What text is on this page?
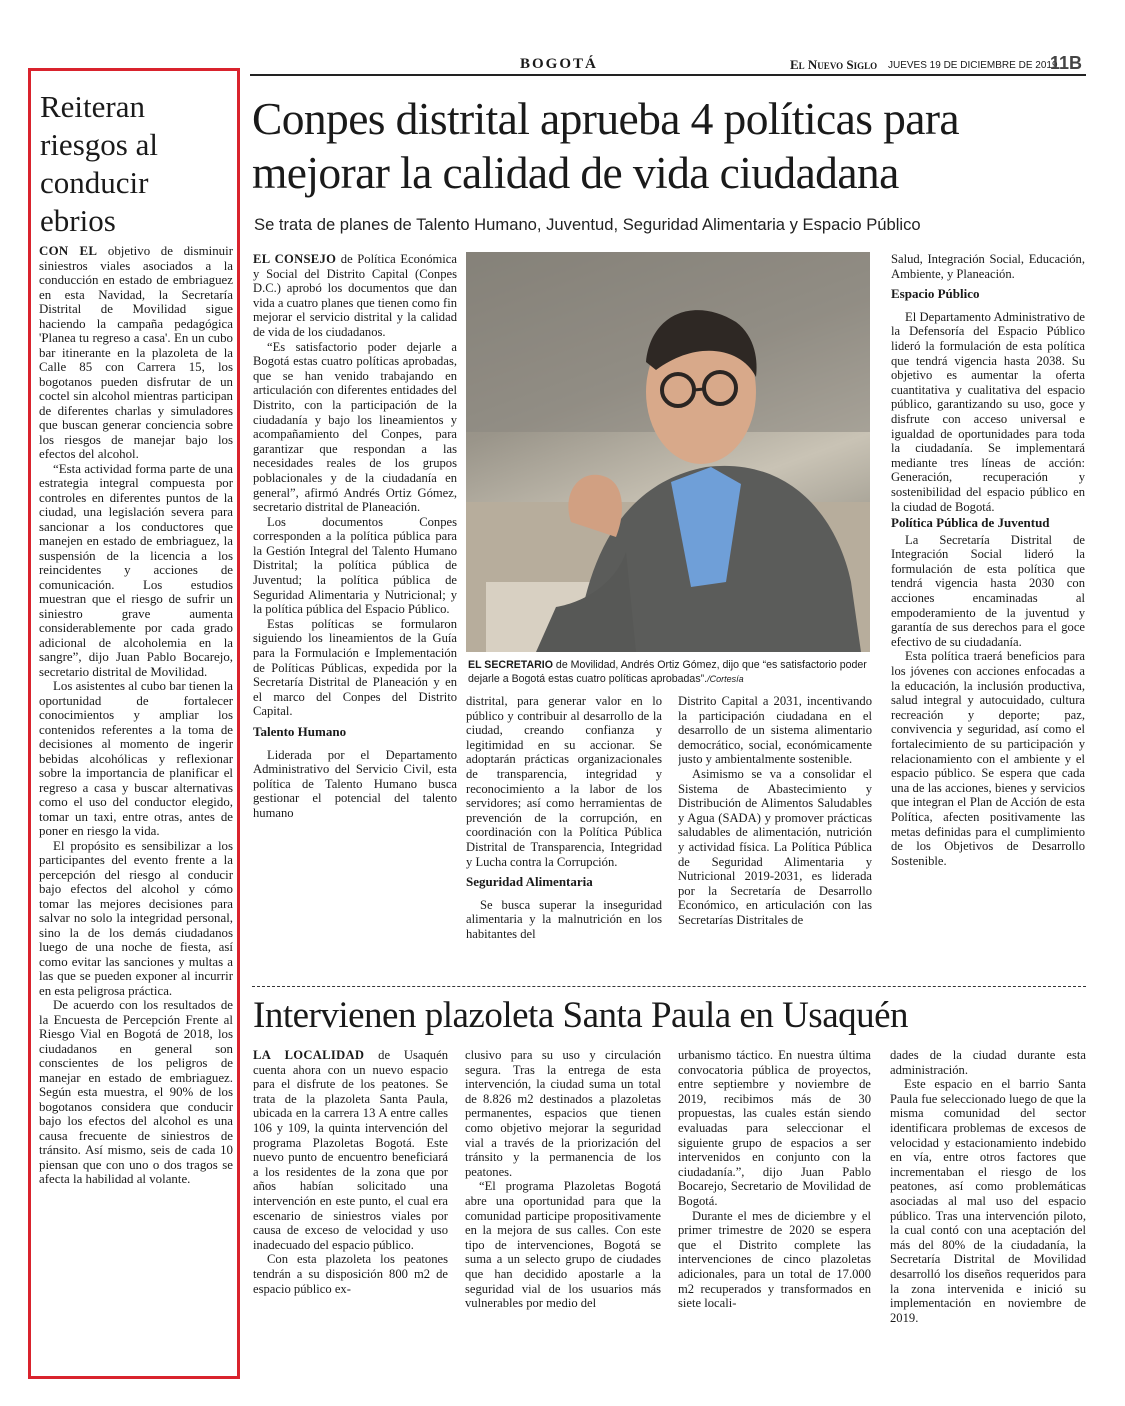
BOGOTÁ	El Nuevo Siglo JUEVES 19 DE DICIEMBRE DE 2019
11B
Reiteran riesgos al conducir ebrios

CON EL objetivo de disminuir siniestros viales asociados a la conducción en estado de embriaguez en esta Navidad, la Secretaría Distrital de Movilidad sigue haciendo la campaña pedagógica 'Planea tu regreso a casa'. En un cubo bar itinerante en la plazoleta de la Calle 85 con Carrera 15, los bogotanos pueden disfrutar de un coctel sin alcohol mientras participan de diferentes charlas y simuladores que buscan generar conciencia sobre los riesgos de manejar bajo los efectos del alcohol.

“Esta actividad forma parte de una estrategia integral compuesta por controles en diferentes puntos de la ciudad, una legislación severa para sancionar a los conductores que manejen en estado de embriaguez, la suspensión de la licencia a los reincidentes y acciones de comunicación. Los estudios muestran que el riesgo de sufrir un siniestro grave aumenta considerablemente por cada grado adicional de alcoholemia en la sangre”, dijo Juan Pablo Bocarejo, secretario distrital de Movilidad.

Los asistentes al cubo bar tienen la oportunidad de fortalecer conocimientos y ampliar los contenidos referentes a la toma de decisiones al momento de ingerir bebidas alcohólicas y reflexionar sobre la importancia de planificar el regreso a casa y buscar alternativas como el uso del conductor elegido, tomar un taxi, entre otras, antes de poner en riesgo la vida.

El propósito es sensibilizar a los participantes del evento frente a la percepción del riesgo al conducir bajo efectos del alcohol y cómo tomar las mejores decisiones para salvar no solo la integridad personal, sino la de los demás ciudadanos luego de una noche de fiesta, así como evitar las sanciones y multas a las que se pueden exponer al incurrir en esta peligrosa práctica.

De acuerdo con los resultados de la Encuesta de Percepción Frente al Riesgo Vial en Bogotá de 2018, los ciudadanos en general son conscientes de los peligros de manejar en estado de embriaguez. Según esta muestra, el 90% de los bogotanos considera que conducir bajo los efectos del alcohol es una causa frecuente de siniestros de tránsito. Así mismo, seis de cada 10 piensan que con uno o dos tragos se afecta la habilidad al volante.

Conpes distrital aprueba 4 políticas para mejorar la calidad de vida ciudadana
Se trata de planes de Talento Humano, Juventud, Seguridad Alimentaria y Espacio Público

EL CONSEJO de Política Económica y Social del Distrito Capital (Conpes D.C.) aprobó los documentos que dan vida a cuatro planes que tienen como fin mejorar el servicio distrital y la calidad de vida de los ciudadanos.

“Es satisfactorio poder dejarle a Bogotá estas cuatro políticas aprobadas, que se han venido trabajando en articulación con diferentes entidades del Distrito, con la participación de la ciudadanía y bajo los lineamientos y acompañamiento del Conpes, para garantizar que respondan a las necesidades reales de los grupos poblacionales y de la ciudadanía en general”, afirmó Andrés Ortiz Gómez, secretario distrital de Planeación.

Los documentos Conpes corresponden a la política pública para la Gestión Integral del Talento Humano Distrital; la política pública de Juventud; la política pública de Seguridad Alimentaria y Nutricional; y la política pública del Espacio Público.

Estas políticas se formularon siguiendo los lineamientos de la Guía para la Formulación e Implementación de Políticas Públicas, expedida por la Secretaría Distrital de Planeación y en el marco del Conpes del Distrito Capital.

Talento Humano

Liderada por el Departamento Administrativo del Servicio Civil, esta política de Talento Humano busca gestionar el potencial del talento humano

EL SECRETARIO de Movilidad, Andrés Ortiz Gómez, dijo que “es satisfactorio poder dejarle a Bogotá estas cuatro políticas aprobadas”./Cortesía

distrital, para generar valor en lo público y contribuir al desarrollo de la ciudad, creando confianza y legitimidad en su accionar. Se adoptarán prácticas organizacionales de transparencia, integridad y reconocimiento a la labor de los servidores; así como herramientas de prevención de la corrupción, en coordinación con la Política Pública Distrital de Transparencia, Integridad y Lucha contra la Corrupción.

Seguridad Alimentaria

Se busca superar la inseguridad alimentaria y la malnutrición en los habitantes del

Distrito Capital a 2031, incentivando la participación ciudadana en el desarrollo de un sistema alimentario democrático, social, económicamente justo y ambientalmente sostenible.

Asimismo se va a consolidar el Sistema de Abastecimiento y Distribución de Alimentos Saludables y Agua (SADA) y promover prácticas saludables de alimentación, nutrición y actividad física. La Política Pública de Seguridad Alimentaria y Nutricional 2019-2031, es liderada por la Secretaría de Desarrollo Económico, en articulación con las Secretarías Distritales de

Salud, Integración Social, Educación, Ambiente, y Planeación.

Espacio Público

El Departamento Administrativo de la Defensoría del Espacio Público lideró la formulación de esta política que tendrá vigencia hasta 2038. Su objetivo es aumentar la oferta cuantitativa y cualitativa del espacio público, garantizando su uso, goce y disfrute con acceso universal e igualdad de oportunidades para toda la ciudadanía. Se implementará mediante tres líneas de acción: Generación, recuperación y sostenibilidad del espacio público en la ciudad de Bogotá.

Política Pública de Juventud

La Secretaría Distrital de Integración Social lideró la formulación de esta política que tendrá vigencia hasta 2030 con acciones encaminadas al empoderamiento de la juventud y garantía de sus derechos para el goce efectivo de su ciudadanía.

Esta política traerá beneficios para los jóvenes con acciones enfocadas a la educación, la inclusión productiva, salud integral y autocuidado, cultura recreación y deporte; paz, convivencia y seguridad, así como el fortalecimiento de su participación y relacionamiento con el ambiente y el espacio público. Se espera que cada una de las acciones, bienes y servicios que integran el Plan de Acción de esta Política, afecten positivamente las metas definidas para el cumplimiento de los Objetivos de Desarrollo Sostenible.

Intervienen plazoleta Santa Paula en Usaquén

LA LOCALIDAD de Usaquén cuenta ahora con un nuevo espacio para el disfrute de los peatones. Se trata de la plazoleta Santa Paula, ubicada en la carrera 13 A entre calles 106 y 109, la quinta intervención del programa Plazoletas Bogotá. Este nuevo punto de encuentro beneficiará a los residentes de la zona que por años habían solicitado una intervención en este punto, el cual era escenario de siniestros viales por causa de exceso de velocidad y uso inadecuado del espacio público.

Con esta plazoleta los peatones tendrán a su disposición 800 m2 de espacio público ex-

clusivo para su uso y circulación segura. Tras la entrega de esta intervención, la ciudad suma un total de 8.826 m2 destinados a plazoletas permanentes, espacios que tienen como objetivo mejorar la seguridad vial a través de la priorización del tránsito y la permanencia de los peatones.

“El programa Plazoletas Bogotá abre una oportunidad para que la comunidad participe propositivamente en la mejora de sus calles. Con este tipo de intervenciones, Bogotá se suma a un selecto grupo de ciudades que han decidido apostarle a la seguridad vial de los usuarios más vulnerables por medio del

urbanismo táctico. En nuestra última convocatoria pública de proyectos, entre septiembre y noviembre de 2019, recibimos más de 30 propuestas, las cuales están siendo evaluadas para seleccionar el siguiente grupo de espacios a ser intervenidos en conjunto con la ciudadanía.”, dijo Juan Pablo Bocarejo, Secretario de Movilidad de Bogotá.

Durante el mes de diciembre y el primer trimestre de 2020 se espera que el Distrito complete las intervenciones de cinco plazoletas adicionales, para un total de 17.000 m2 recuperados y transformados en siete locali-

dades de la ciudad durante esta administración.

Este espacio en el barrio Santa Paula fue seleccionado luego de que la misma comunidad del sector identificara problemas de excesos de velocidad y estacionamiento indebido en vía, entre otros factores que incrementaban el riesgo de los peatones, así como problemáticas asociadas al mal uso del espacio público. Tras una intervención piloto, la cual contó con una aceptación del más del 80% de la ciudadanía, la Secretaría Distrital de Movilidad desarrolló los diseños requeridos para la zona intervenida e inició su implementación en noviembre de 2019.
